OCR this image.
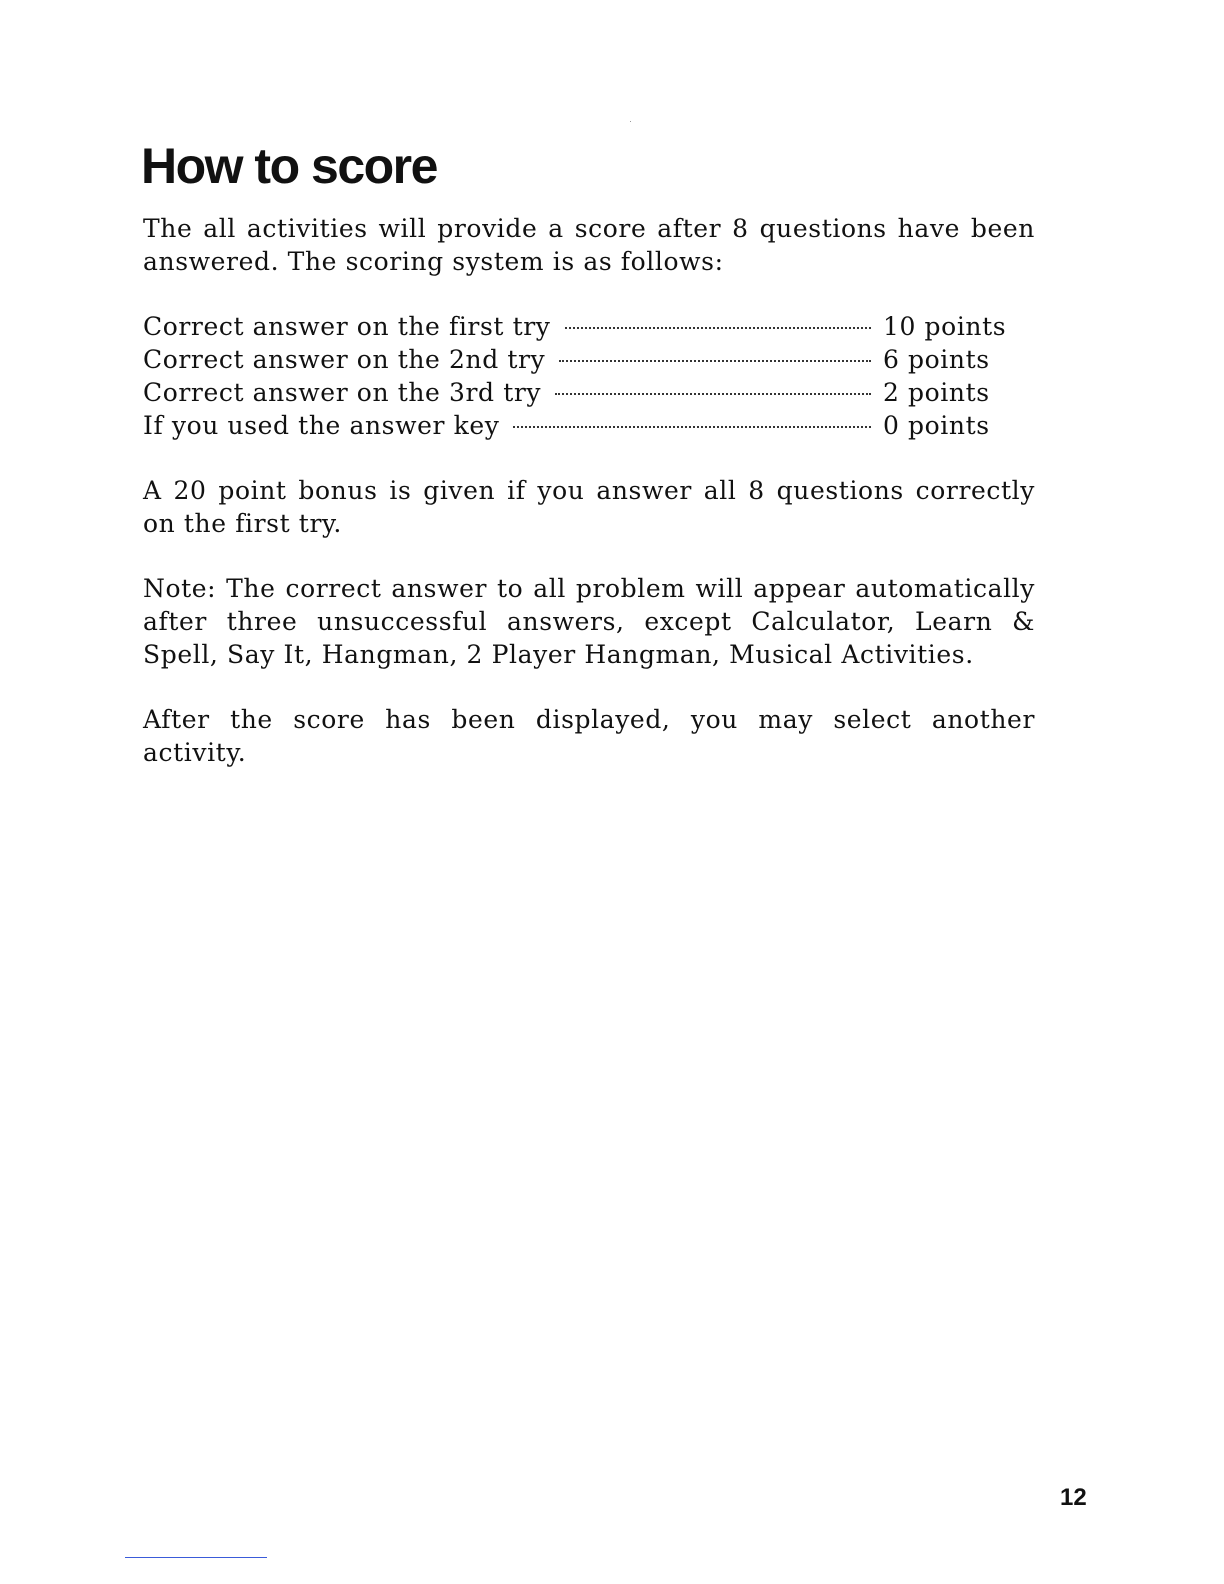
How to score

The all activities will provide a score after 8 questions have been answered. The scoring system is as follows:

Correct answer on the first try	10 points
Correct answer on the 2nd try	6 points
Correct answer on the 3rd try	2 points
If you used the answer key	0 points

A 20 point bonus is given if you answer all 8 questions correctly on the first try.

Note: The correct answer to all problem will appear automatically after three unsuccessful answers, except Calculator, Learn & Spell, Say It, Hangman, 2 Player Hangman, Musical Activities.

After the score has been displayed, you may select another activity.

12
